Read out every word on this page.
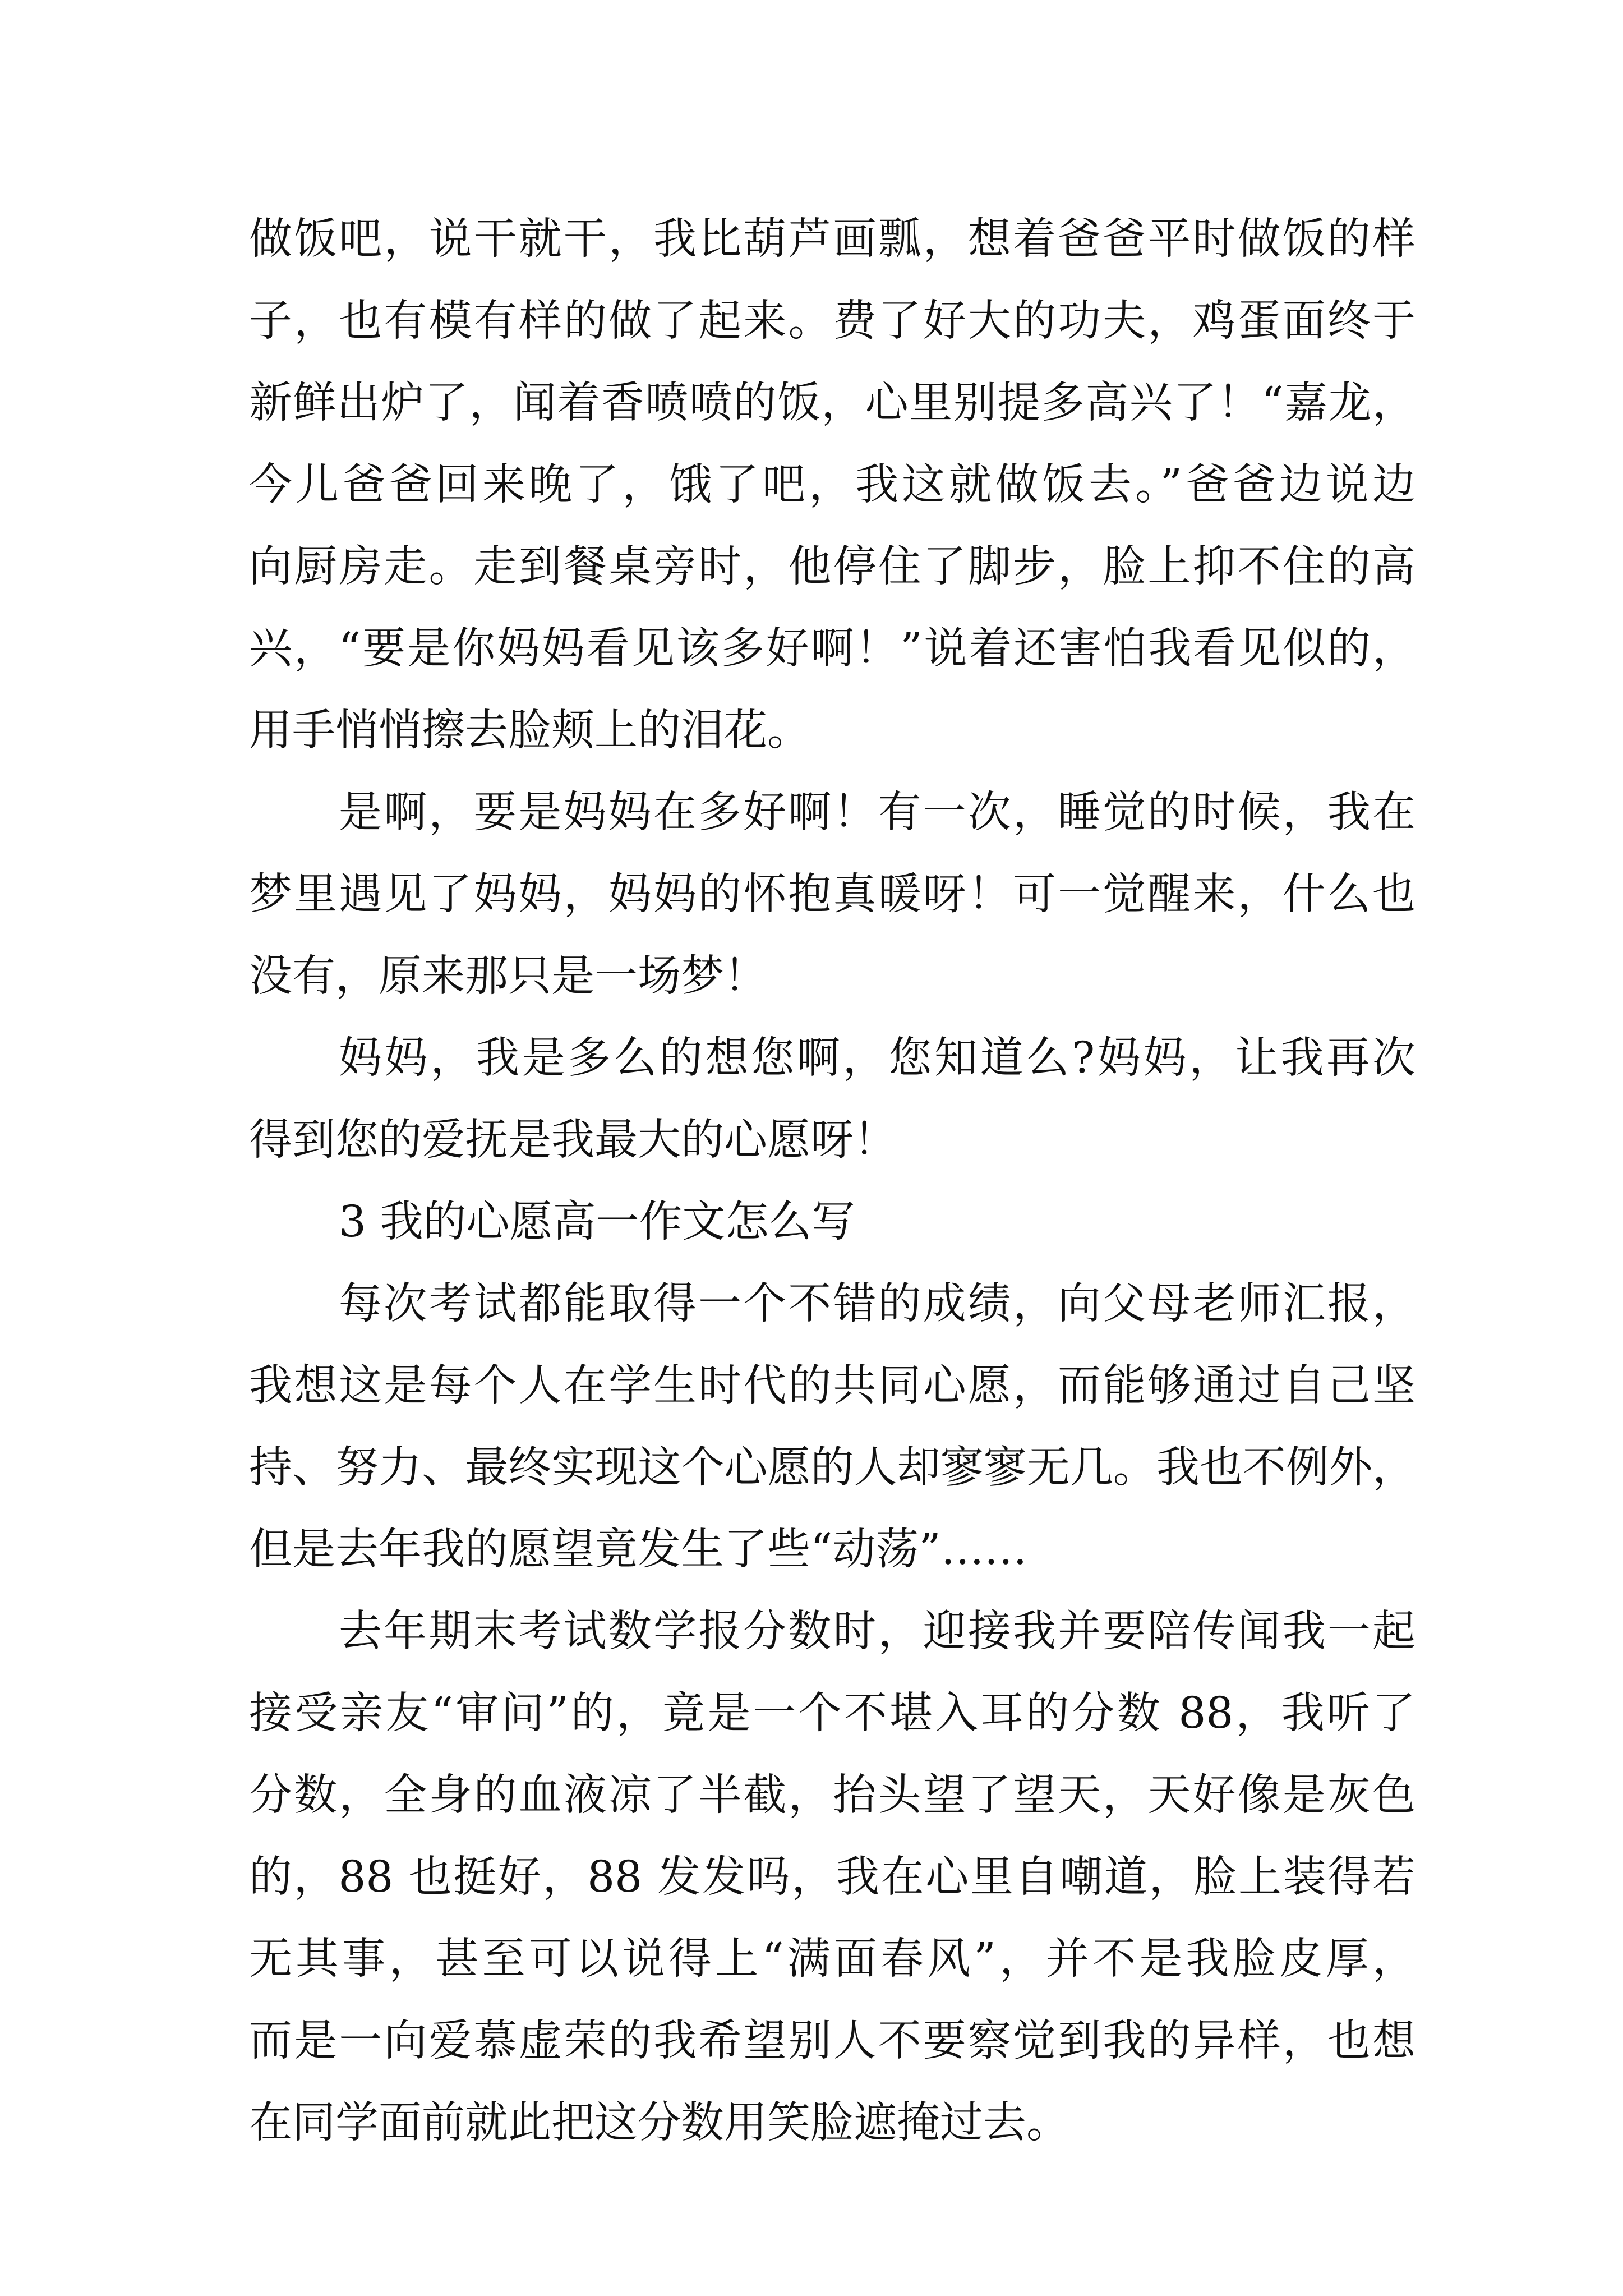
做饭吧，说干就干，我比葫芦画瓢，想着爸爸平时做饭的样
子，也有模有样的做了起来。费了好大的功夫，鸡蛋面终于
新鲜出炉了，闻着香喷喷的饭，心里别提多高兴了！“嘉龙，
今儿爸爸回来晚了，饿了吧，我这就做饭去。”爸爸边说边
向厨房走。走到餐桌旁时，他停住了脚步，脸上抑不住的高
兴，“要是你妈妈看见该多好啊！”说着还害怕我看见似的，
用手悄悄擦去脸颊上的泪花。
是啊，要是妈妈在多好啊！有一次，睡觉的时候，我在
梦里遇见了妈妈，妈妈的怀抱真暖呀！可一觉醒来，什么也
没有，原来那只是一场梦！
妈妈，我是多么的想您啊，您知道么?妈妈，让我再次
得到您的爱抚是我最大的心愿呀！
3 我的心愿高一作文怎么写
每次考试都能取得一个不错的成绩，向父母老师汇报，
我想这是每个人在学生时代的共同心愿，而能够通过自己坚
持、努力、最终实现这个心愿的人却寥寥无几。我也不例外，
但是去年我的愿望竟发生了些“动荡”……
去年期末考试数学报分数时，迎接我并要陪传闻我一起
接受亲友“审问”的，竟是一个不堪入耳的分数 88，我听了
分数，全身的血液凉了半截，抬头望了望天，天好像是灰色
的，88 也挺好，88 发发吗，我在心里自嘲道，脸上装得若
无其事，甚至可以说得上“满面春风”，并不是我脸皮厚，
而是一向爱慕虚荣的我希望别人不要察觉到我的异样，也想
在同学面前就此把这分数用笑脸遮掩过去。
